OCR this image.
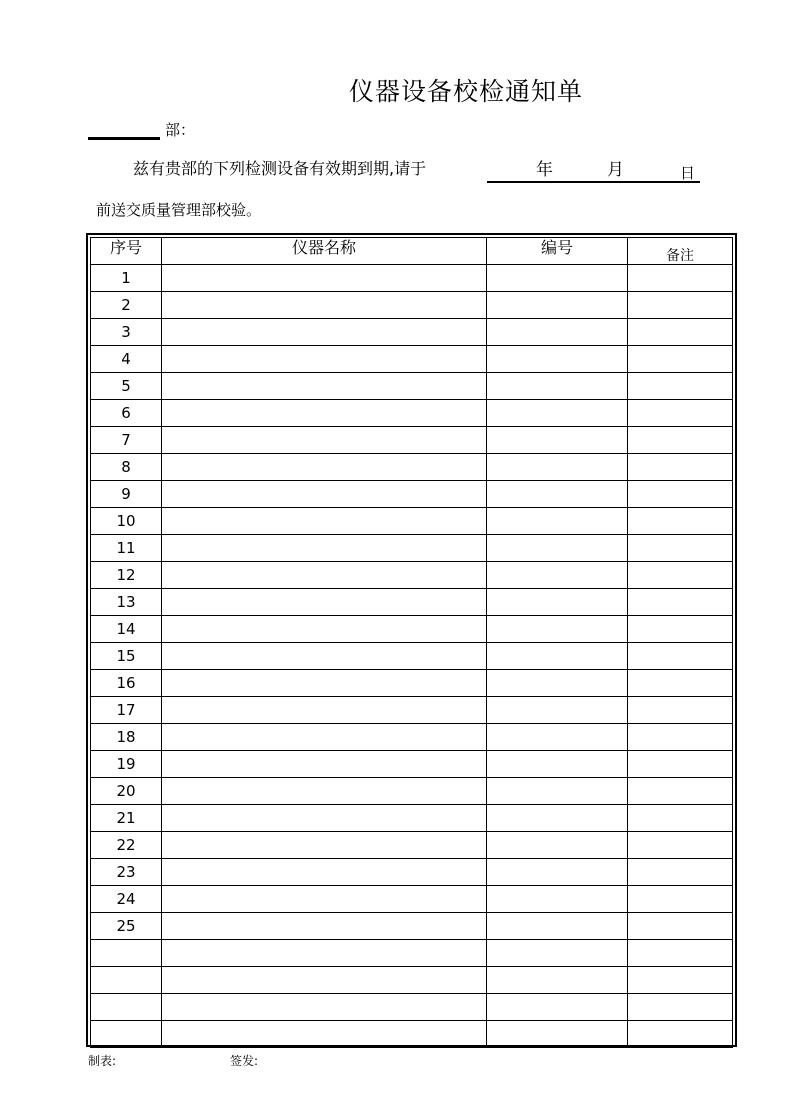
仪器设备校检通知单
部：
兹有贵部的下列检测设备有效期到期,请于	年	月	日
前送交质量管理部校验。
序号	仪器名称	编号	备注
1			
2			
3			
4			
5			
6			
7			
8			
9			
10			
11			
12			
13			
14			
15			
16			
17			
18			
19			
20			
21			
22			
23			
24			
25			

制表:	签发:
